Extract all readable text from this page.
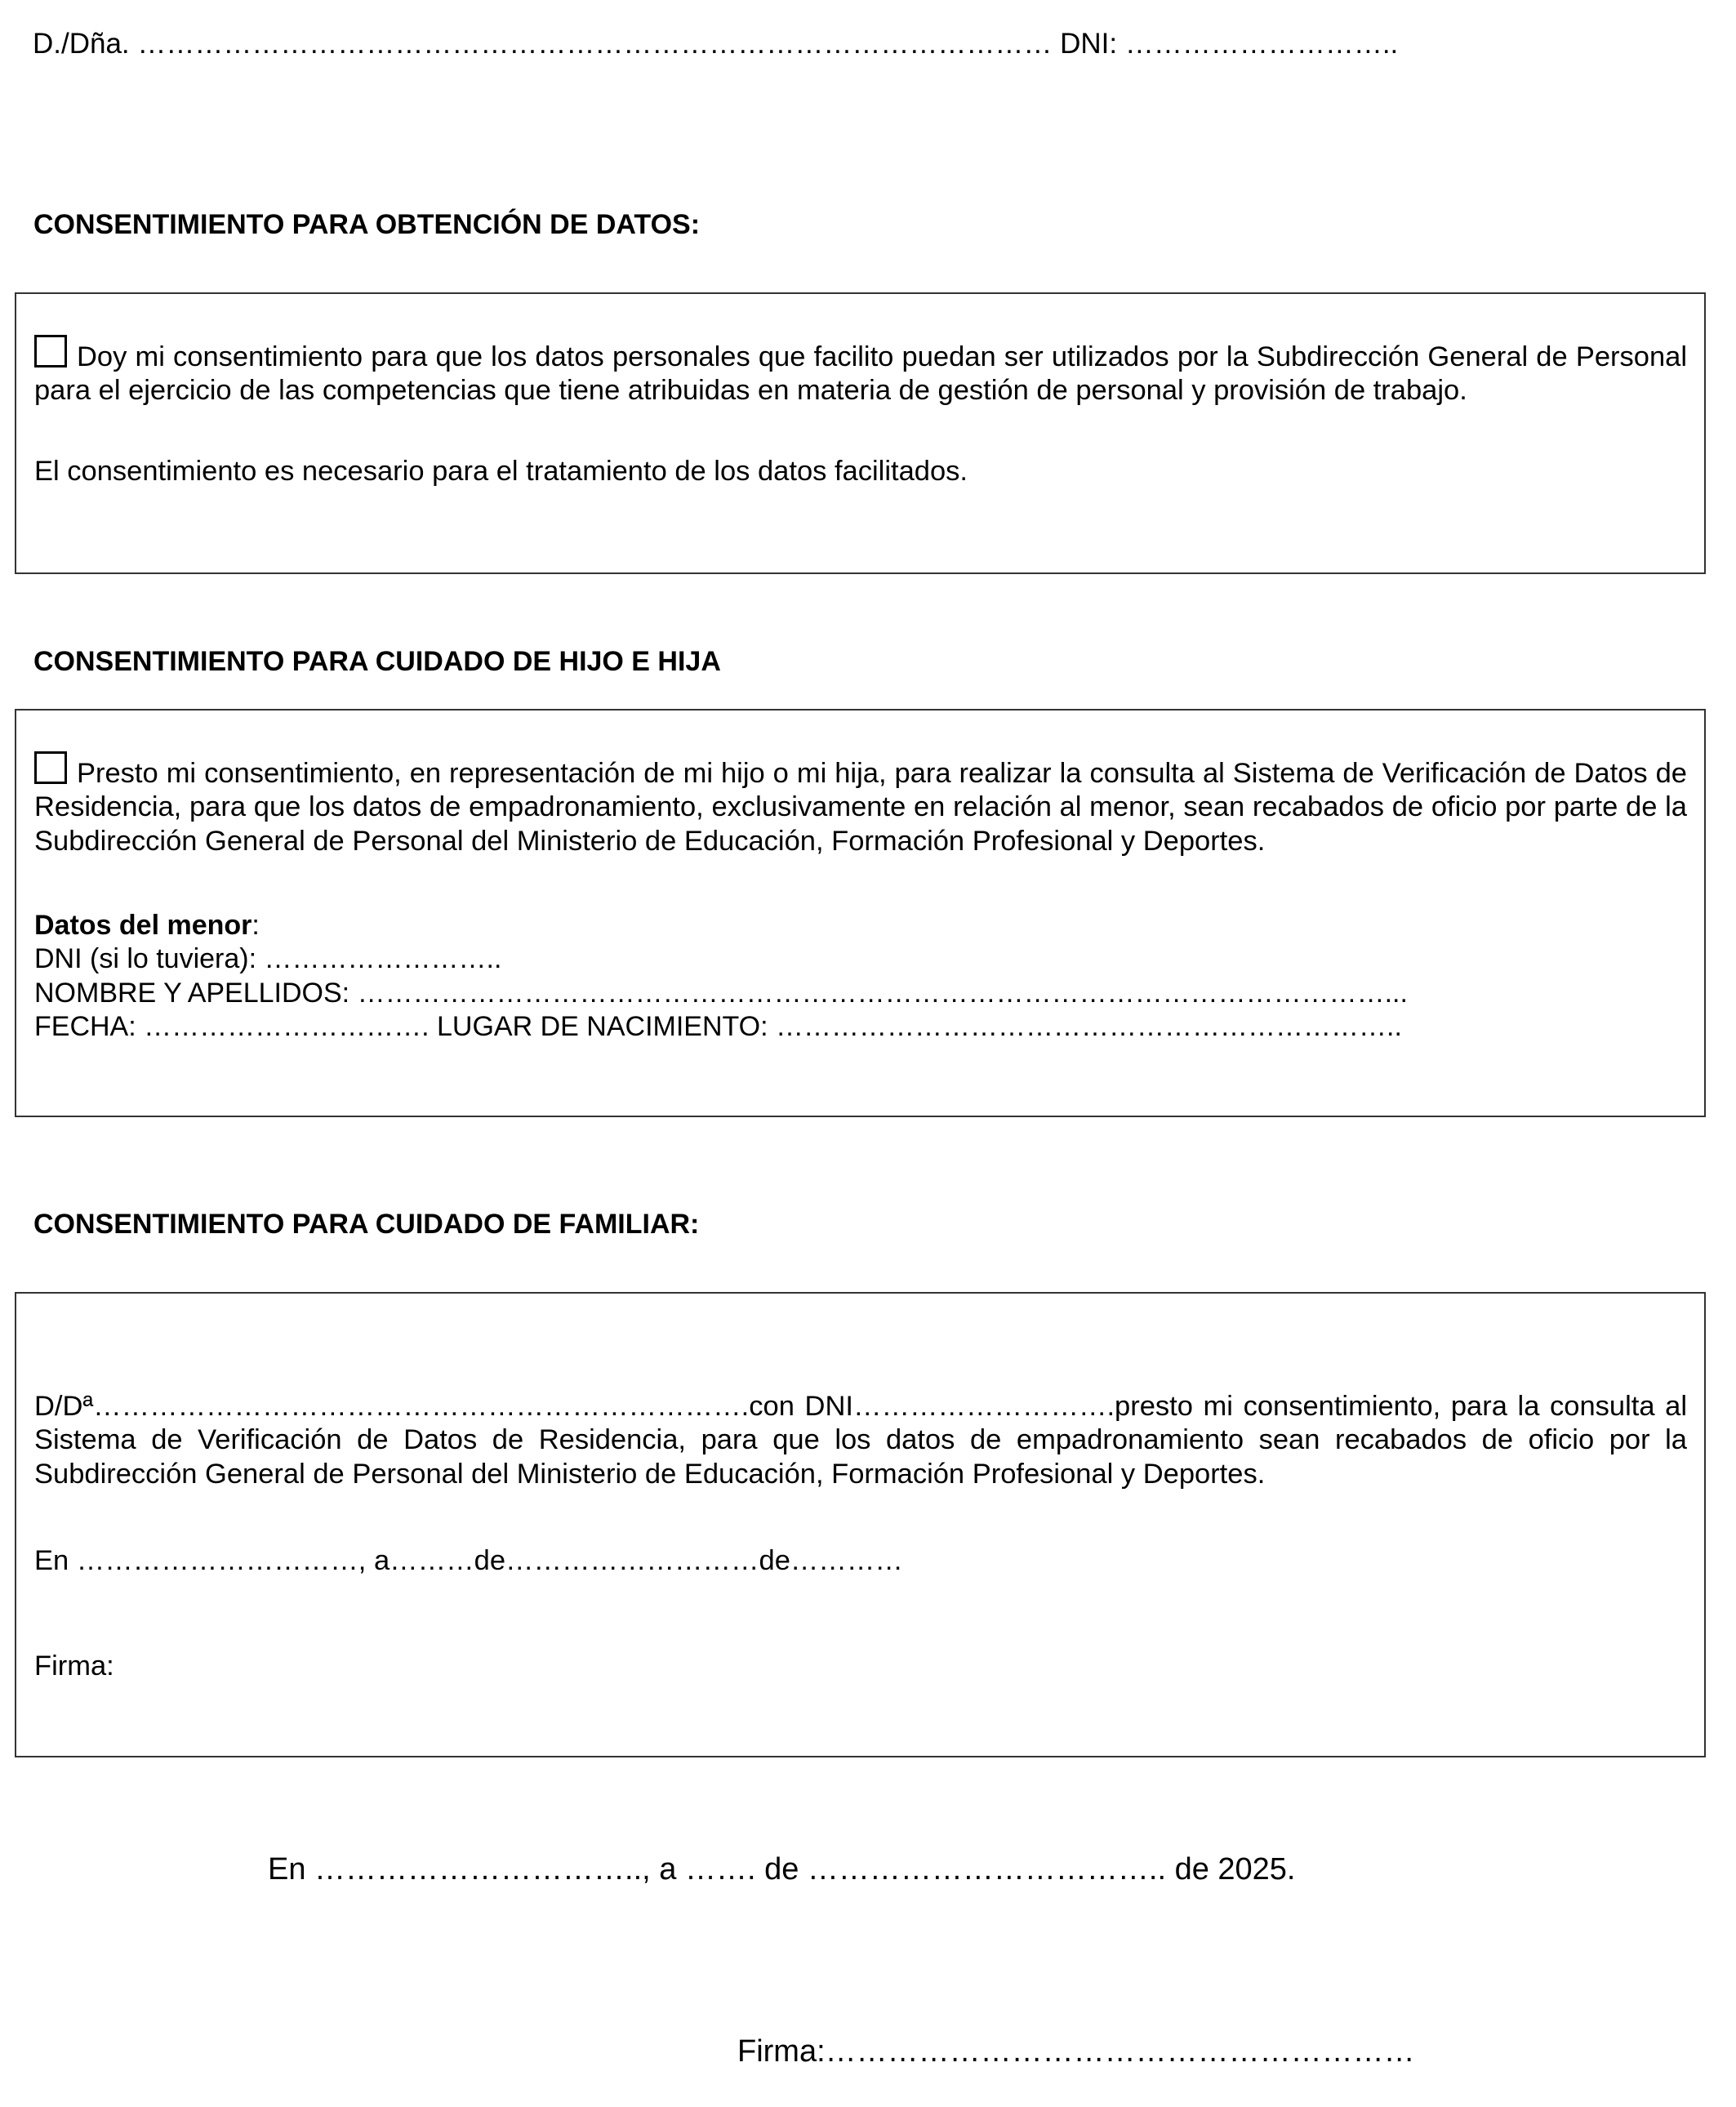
D./Dña. …………………………………………………………………………………… DNI: ………………………..
CONSENTIMIENTO PARA OBTENCIÓN DE DATOS:
Doy mi consentimiento para que los datos personales que facilito puedan ser utilizados por la Subdirección General de Personal para el ejercicio de las competencias que tiene atribuidas en materia de gestión de personal y provisión de trabajo.
El consentimiento es necesario para el tratamiento de los datos facilitados.
CONSENTIMIENTO PARA CUIDADO DE HIJO E HIJA
Presto mi consentimiento, en representación de mi hijo o mi hija, para realizar la consulta al Sistema de Verificación de Datos de Residencia, para que los datos de empadronamiento, exclusivamente en relación al menor, sean recabados de oficio por parte de la Subdirección General de Personal del Ministerio de Educación, Formación Profesional y Deportes.
Datos del menor:
DNI (si lo tuviera): ……………………..
NOMBRE Y APELLIDOS: …………………………………………………………………………………………………...
FECHA: …………………………. LUGAR DE NACIMIENTO: …………………………………………………………..
CONSENTIMIENTO PARA CUIDADO DE FAMILIAR:
D/Dª…………………………………………………………….con DNI……………………….presto mi consentimiento, para la consulta al Sistema de Verificación de Datos de Residencia, para que los datos de empadronamiento sean recabados de oficio por la Subdirección General de Personal del Ministerio de Educación, Formación Profesional y Deportes.
En …………………………, a………de………………………de…………
Firma:
En ………………………….., a ……. de …………………………….. de 2025.
Firma:…………………………………………………
